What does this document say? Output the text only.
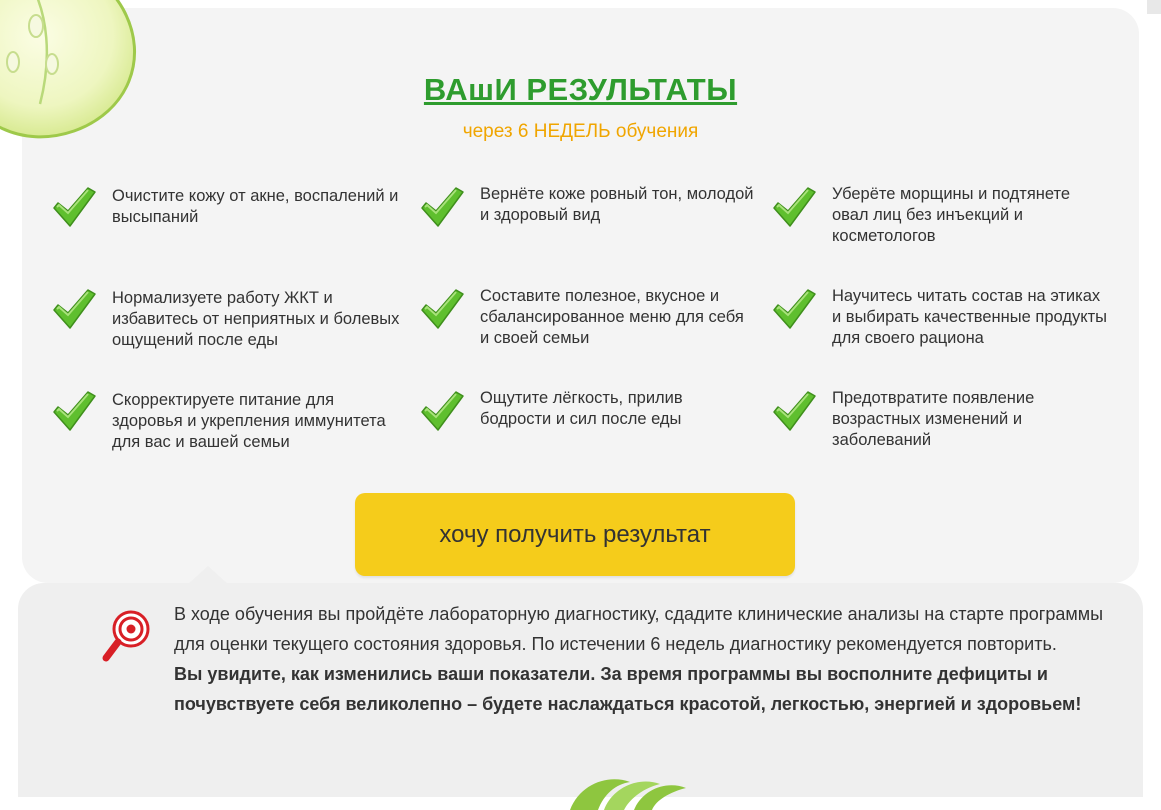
ВАшИ РЕЗУЛЬТАТЫ
через 6 НЕДЕЛЬ обучения
Очистите кожу от акне, воспалений и высыпаний
Вернёте коже ровный тон, молодой и здоровый вид
Уберёте морщины и подтянете овал лиц без инъекций и косметологов
Нормализуете работу ЖКТ и избавитесь от неприятных и болевых ощущений после еды
Составите полезное, вкусное и сбалансированное меню для себя и своей семьи
Научитесь читать состав на этиках и выбирать качественные продукты для своего рациона
Скорректируете питание для здоровья и укрепления иммунитета для вас и вашей семьи
Ощутите лёгкость, прилив бодрости и сил после еды
Предотвратите появление возрастных изменений и заболеваний
хочу получить результат
В ходе обучения вы пройдёте лабораторную диагностику, сдадите клинические анализы на старте программы для оценки текущего состояния здоровья. По истечении 6 недель диагностику рекомендуется повторить.
Вы увидите, как изменились ваши показатели. За время программы вы восполните дефициты и почувствуете себя великолепно – будете наслаждаться красотой, легкостью, энергией и здоровьем!
